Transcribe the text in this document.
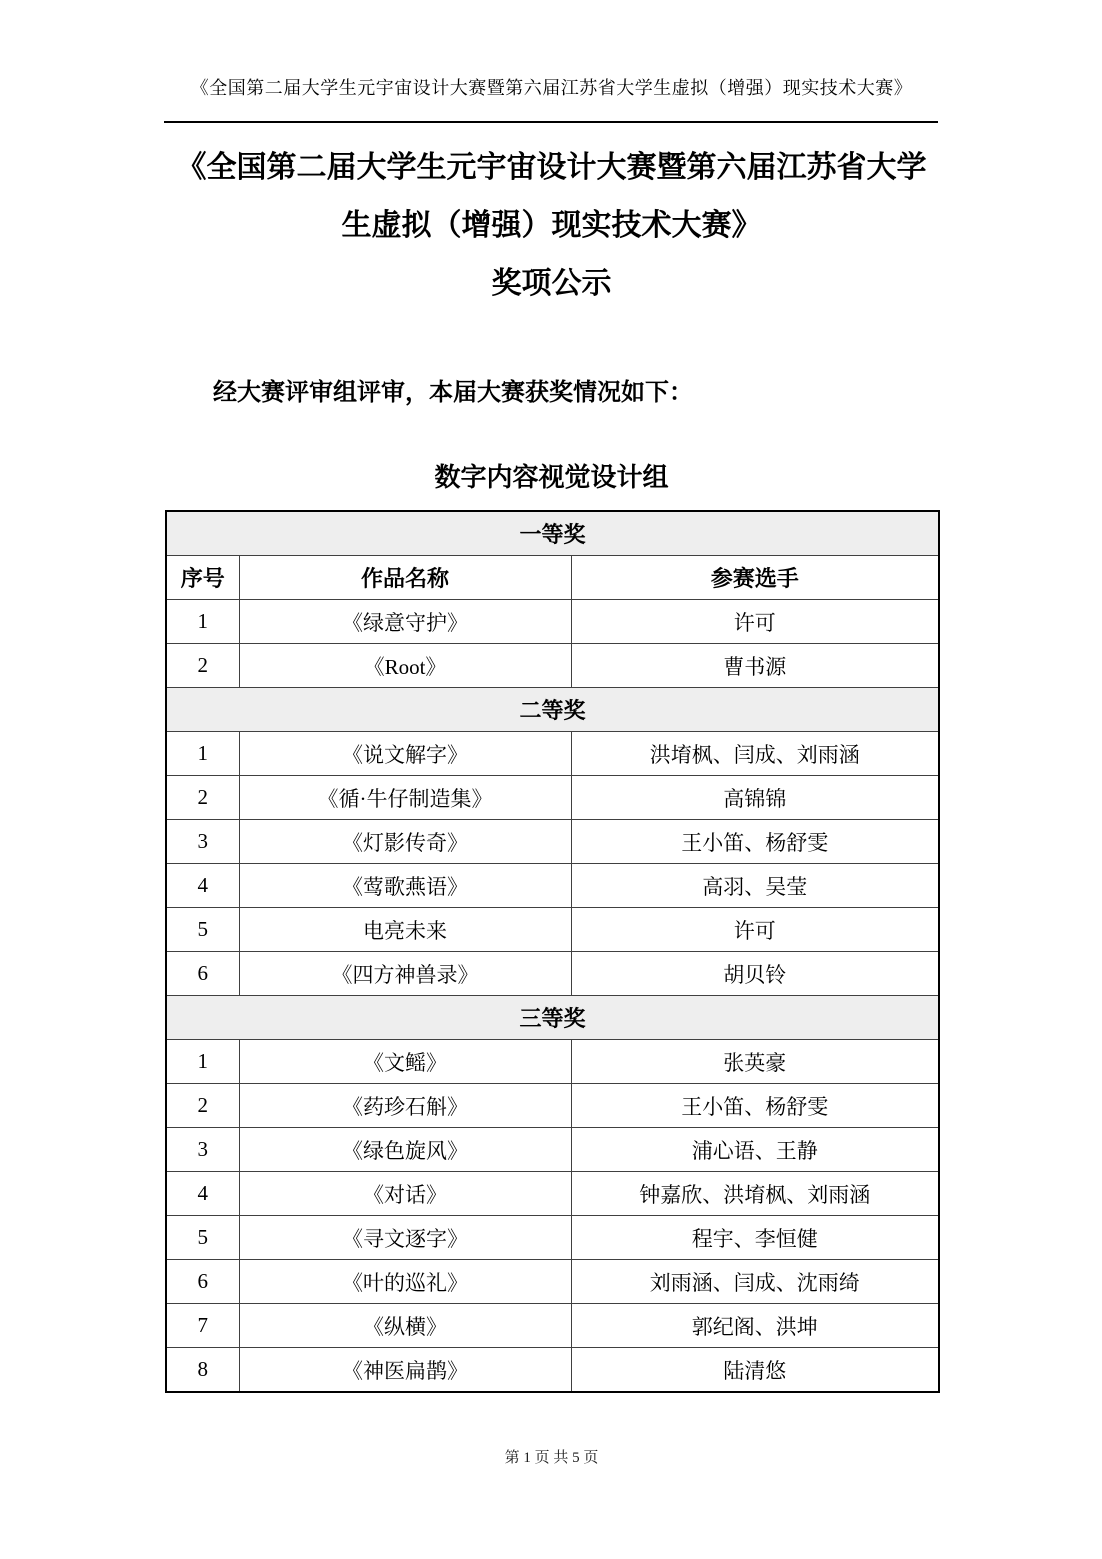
《全国第二届大学生元宇宙设计大赛暨第六届江苏省大学生虚拟（增强）现实技术大赛》
《全国第二届大学生元宇宙设计大赛暨第六届江苏省大学
生虚拟（增强）现实技术大赛》
奖项公示

经大赛评审组评审，本届大赛获奖情况如下：

数字内容视觉设计组
一等奖		
序号	作品名称	参赛选手
1	《绿意守护》	许可
2	《Root》	曹书源
二等奖		
1	《说文解字》	洪堉枫、闫成、刘雨涵
2	《循·牛仔制造集》	高锦锦
3	《灯影传奇》	王小笛、杨舒雯
4	《莺歌燕语》	高羽、吴莹
5	电亮未来	许可
6	《四方神兽录》	胡贝铃
三等奖		
1	《文鳐》	张英豪
2	《药珍石斛》	王小笛、杨舒雯
3	《绿色旋风》	浦心语、王静
4	《对话》	钟嘉欣、洪堉枫、刘雨涵
5	《寻文逐字》	程宇、李恒健
6	《叶的巡礼》	刘雨涵、闫成、沈雨绮
7	《纵横》	郭纪阁、洪坤
8	《神医扁鹊》	陆清悠
第 1 页 共 5 页
